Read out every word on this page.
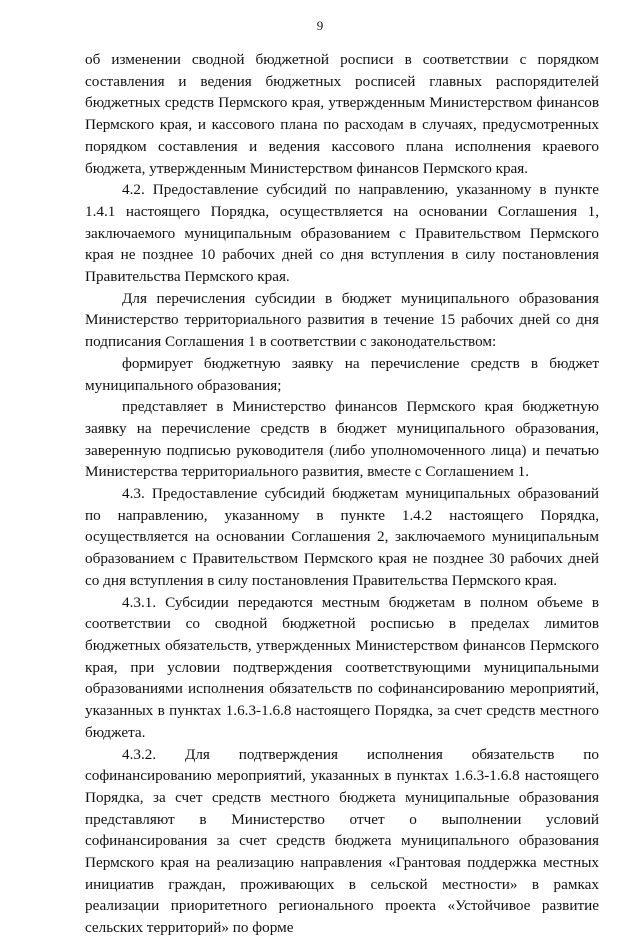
9

об изменении сводной бюджетной росписи в соответствии с порядком составления и ведения бюджетных росписей главных распорядителей бюджетных средств Пермского края, утвержденным Министерством финансов Пермского края, и кассового плана по расходам в случаях, предусмотренных порядком составления и ведения кассового плана исполнения краевого бюджета, утвержденным Министерством финансов Пермского края.

4.2. Предоставление субсидий по направлению, указанному в пункте 1.4.1 настоящего Порядка, осуществляется на основании Соглашения 1, заключаемого муниципальным образованием с Правительством Пермского края не позднее 10 рабочих дней со дня вступления в силу постановления Правительства Пермского края.

Для перечисления субсидии в бюджет муниципального образования Министерство территориального развития в течение 15 рабочих дней со дня подписания Соглашения 1 в соответствии с законодательством:

формирует бюджетную заявку на перечисление средств в бюджет муниципального образования;

представляет в Министерство финансов Пермского края бюджетную заявку на перечисление средств в бюджет муниципального образования, заверенную подписью руководителя (либо уполномоченного лица) и печатью Министерства территориального развития, вместе с Соглашением 1.

4.3. Предоставление субсидий бюджетам муниципальных образований по направлению, указанному в пункте 1.4.2 настоящего Порядка, осуществляется на основании Соглашения 2, заключаемого муниципальным образованием с Правительством Пермского края не позднее 30 рабочих дней со дня вступления в силу постановления Правительства Пермского края.

4.3.1. Субсидии передаются местным бюджетам в полном объеме в соответствии со сводной бюджетной росписью в пределах лимитов бюджетных обязательств, утвержденных Министерством финансов Пермского края, при условии подтверждения соответствующими муниципальными образованиями исполнения обязательств по софинансированию мероприятий, указанных в пунктах 1.6.3-1.6.8 настоящего Порядка, за счет средств местного бюджета.

4.3.2. Для подтверждения исполнения обязательств по софинансированию мероприятий, указанных в пунктах 1.6.3-1.6.8 настоящего Порядка, за счет средств местного бюджета муниципальные образования представляют в Министерство отчет о выполнении условий софинансирования за счет средств бюджета муниципального образования Пермского края на реализацию направления «Грантовая поддержка местных инициатив граждан, проживающих в сельской местности» в рамках реализации приоритетного регионального проекта «Устойчивое развитие сельских территорий» по форме
